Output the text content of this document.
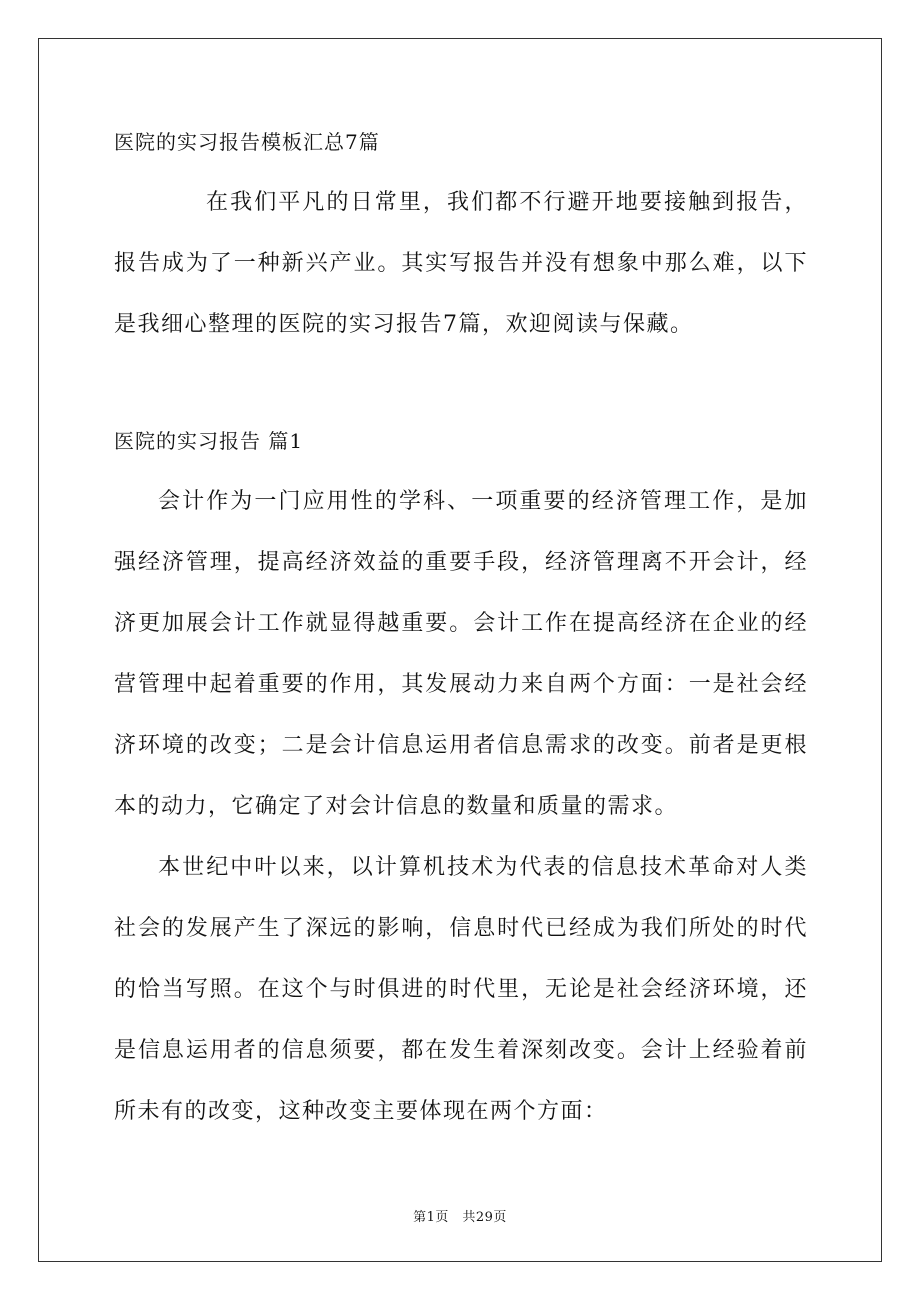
医院的实习报告模板汇总7篇

在我们平凡的日常里，我们都不行避开地要接触到报告，报告成为了一种新兴产业。其实写报告并没有想象中那么难，以下是我细心整理的医院的实习报告7篇，欢迎阅读与保藏。

医院的实习报告 篇1

会计作为一门应用性的学科、一项重要的经济管理工作，是加强经济管理，提高经济效益的重要手段，经济管理离不开会计，经济更加展会计工作就显得越重要。会计工作在提高经济在企业的经营管理中起着重要的作用，其发展动力来自两个方面：一是社会经济环境的改变；二是会计信息运用者信息需求的改变。前者是更根本的动力，它确定了对会计信息的数量和质量的需求。

本世纪中叶以来，以计算机技术为代表的信息技术革命对人类社会的发展产生了深远的影响，信息时代已经成为我们所处的时代的恰当写照。在这个与时俱进的时代里，无论是社会经济环境，还是信息运用者的信息须要，都在发生着深刻改变。会计上经验着前所未有的改变，这种改变主要体现在两个方面：

第1页　共29页
